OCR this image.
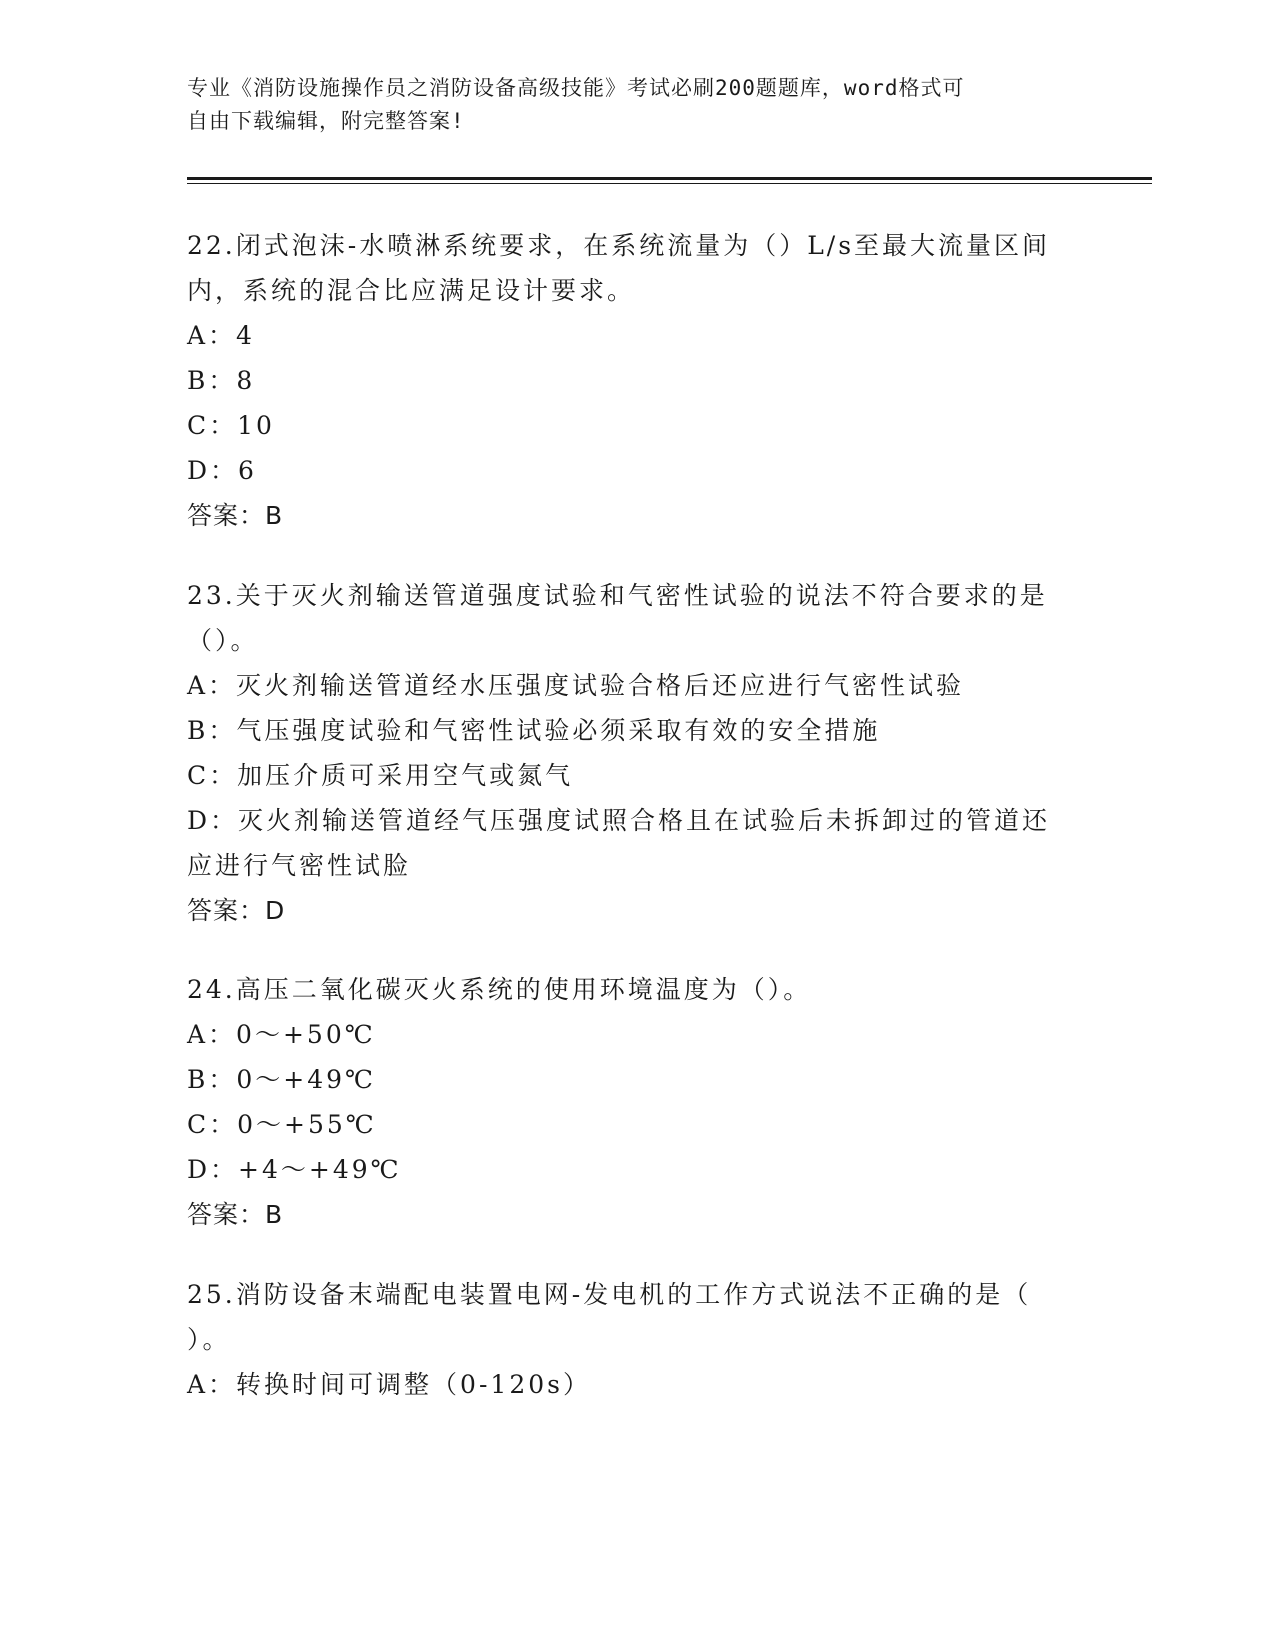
专业《消防设施操作员之消防设备高级技能》考试必刷200题题库，word格式可
自由下载编辑，附完整答案!
22.闭式泡沫-水喷淋系统要求，在系统流量为（）L/s至最大流量区间
内，系统的混合比应满足设计要求。
A：4
B：8
C：10
D：6
答案：B
23.关于灭火剂输送管道强度试验和气密性试验的说法不符合要求的是
（）。
A：灭火剂输送管道经水压强度试验合格后还应进行气密性试验
B：气压强度试验和气密性试验必须采取有效的安全措施
C：加压介质可采用空气或氮气
D：灭火剂输送管道经气压强度试照合格且在试验后未拆卸过的管道还
应进行气密性试脸
答案：D
24.高压二氧化碳灭火系统的使用环境温度为（）。
A：0～+50℃
B：0～+49℃
C：0～+55℃
D：+4～+49℃
答案：B
25.消防设备末端配电装置电网-发电机的工作方式说法不正确的是（
）。
A：转换时间可调整（0-120s）
